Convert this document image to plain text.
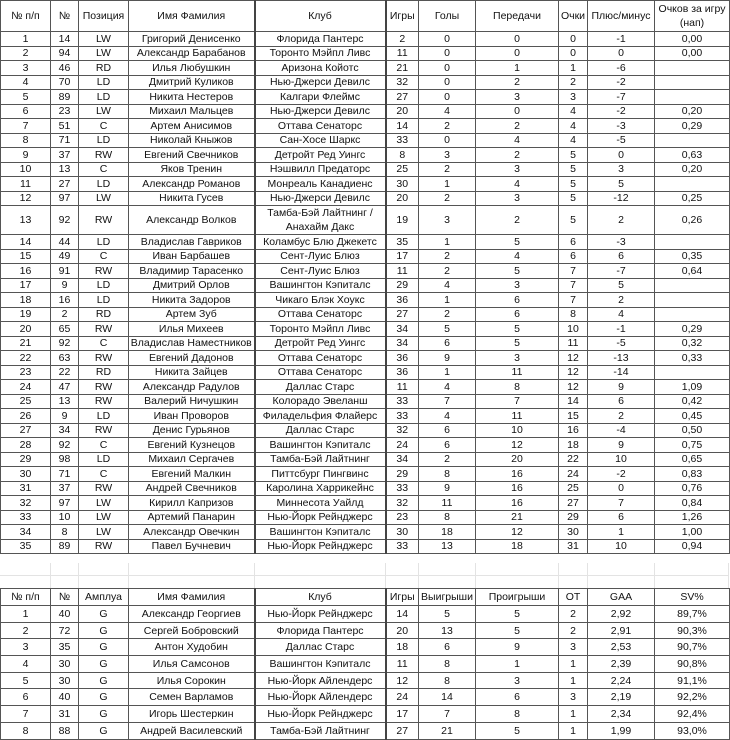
№ п/п	№	Позиция	Имя Фамилия	Клуб	Игры	Голы	Передачи	Очки	Плюс/минус	Очков за игру (нап)
1	14	LW	Григорий Денисенко	Флорида Пантерс	2	0	0	0	-1	0,00
2	94	LW	Александр Барабанов	Торонто Мэйпл Ливс	11	0	0	0	0	0,00
3	46	RD	Илья Любушкин	Аризона Койотс	21	0	1	1	-6	
4	70	LD	Дмитрий Куликов	Нью-Джерси Девилс	32	0	2	2	-2	
5	89	LD	Никита Нестеров	Калгари Флеймс	27	0	3	3	-7	
6	23	LW	Михаил Мальцев	Нью-Джерси Девилс	20	4	0	4	-2	0,20
7	51	C	Артем Анисимов	Оттава Сенаторс	14	2	2	4	-3	0,29
8	71	LD	Николай Кныжов	Сан-Хосе Шаркс	33	0	4	4	-5	
9	37	RW	Евгений Свечников	Детройт Ред Уингс	8	3	2	5	0	0,63
10	13	C	Яков Тренин	Нэшвилл Предаторс	25	2	3	5	3	0,20
11	27	LD	Александр Романов	Монреаль Канадиенс	30	1	4	5	5	
12	97	LW	Никита Гусев	Нью-Джерси Девилс	20	2	3	5	-12	0,25
13	92	RW	Александр Волков	Тамба-Бэй Лайтнинг / Анахайм Дакс	19	3	2	5	2	0,26
14	44	LD	Владислав Гавриков	Коламбус Блю Джекетс	35	1	5	6	-3	
15	49	C	Иван Барбашев	Сент-Луис Блюз	17	2	4	6	6	0,35
16	91	RW	Владимир Тарасенко	Сент-Луис Блюз	11	2	5	7	-7	0,64
17	9	LD	Дмитрий Орлов	Вашингтон Кэпиталс	29	4	3	7	5	
18	16	LD	Никита Задоров	Чикаго Блэк Хоукс	36	1	6	7	2	
19	2	RD	Артем Зуб	Оттава Сенаторс	27	2	6	8	4	
20	65	RW	Илья Михеев	Торонто Мэйпл Ливс	34	5	5	10	-1	0,29
21	92	C	Владислав Наместников	Детройт Ред Уингс	34	6	5	11	-5	0,32
22	63	RW	Евгений Дадонов	Оттава Сенаторс	36	9	3	12	-13	0,33
23	22	RD	Никита Зайцев	Оттава Сенаторс	36	1	11	12	-14	
24	47	RW	Александр Радулов	Даллас Старс	11	4	8	12	9	1,09
25	13	RW	Валерий Ничушкин	Колорадо Эвеланш	33	7	7	14	6	0,42
26	9	LD	Иван Проворов	Филадельфия Флайерс	33	4	11	15	2	0,45
27	34	RW	Денис Гурьянов	Даллас Старс	32	6	10	16	-4	0,50
28	92	C	Евгений Кузнецов	Вашингтон Кэпиталс	24	6	12	18	9	0,75
29	98	LD	Михаил Сергачев	Тамба-Бэй Лайтнинг	34	2	20	22	10	0,65
30	71	C	Евгений Малкин	Питтсбург Пингвинс	29	8	16	24	-2	0,83
31	37	RW	Андрей Свечников	Каролина Харрикейнс	33	9	16	25	0	0,76
32	97	LW	Кирилл Капризов	Миннесота Уайлд	32	11	16	27	7	0,84
33	10	LW	Артемий Панарин	Нью-Йорк Рейнджерс	23	8	21	29	6	1,26
34	8	LW	Александр Овечкин	Вашингтон Кэпиталс	30	18	12	30	1	1,00
35	89	RW	Павел Бучневич	Нью-Йорк Рейнджерс	33	13	18	31	10	0,94
№ п/п	№	Амплуа	Имя Фамилия	Клуб	Игры	Выигрыши	Проигрыши	OT	GAA	SV%
1	40	G	Александр Георгиев	Нью-Йорк Рейнджерс	14	5	5	2	2,92	89,7%
2	72	G	Сергей Бобровский	Флорида Пантерс	20	13	5	2	2,91	90,3%
3	35	G	Антон Худобин	Даллас Старс	18	6	9	3	2,53	90,7%
4	30	G	Илья Самсонов	Вашингтон Кэпиталс	11	8	1	1	2,39	90,8%
5	30	G	Илья Сорокин	Нью-Йорк Айлендерс	12	8	3	1	2,24	91,1%
6	40	G	Семен Варламов	Нью-Йорк Айлендерс	24	14	6	3	2,19	92,2%
7	31	G	Игорь Шестеркин	Нью-Йорк Рейнджерс	17	7	8	1	2,34	92,4%
8	88	G	Андрей Василевский	Тамба-Бэй Лайтнинг	27	21	5	1	1,99	93,0%
